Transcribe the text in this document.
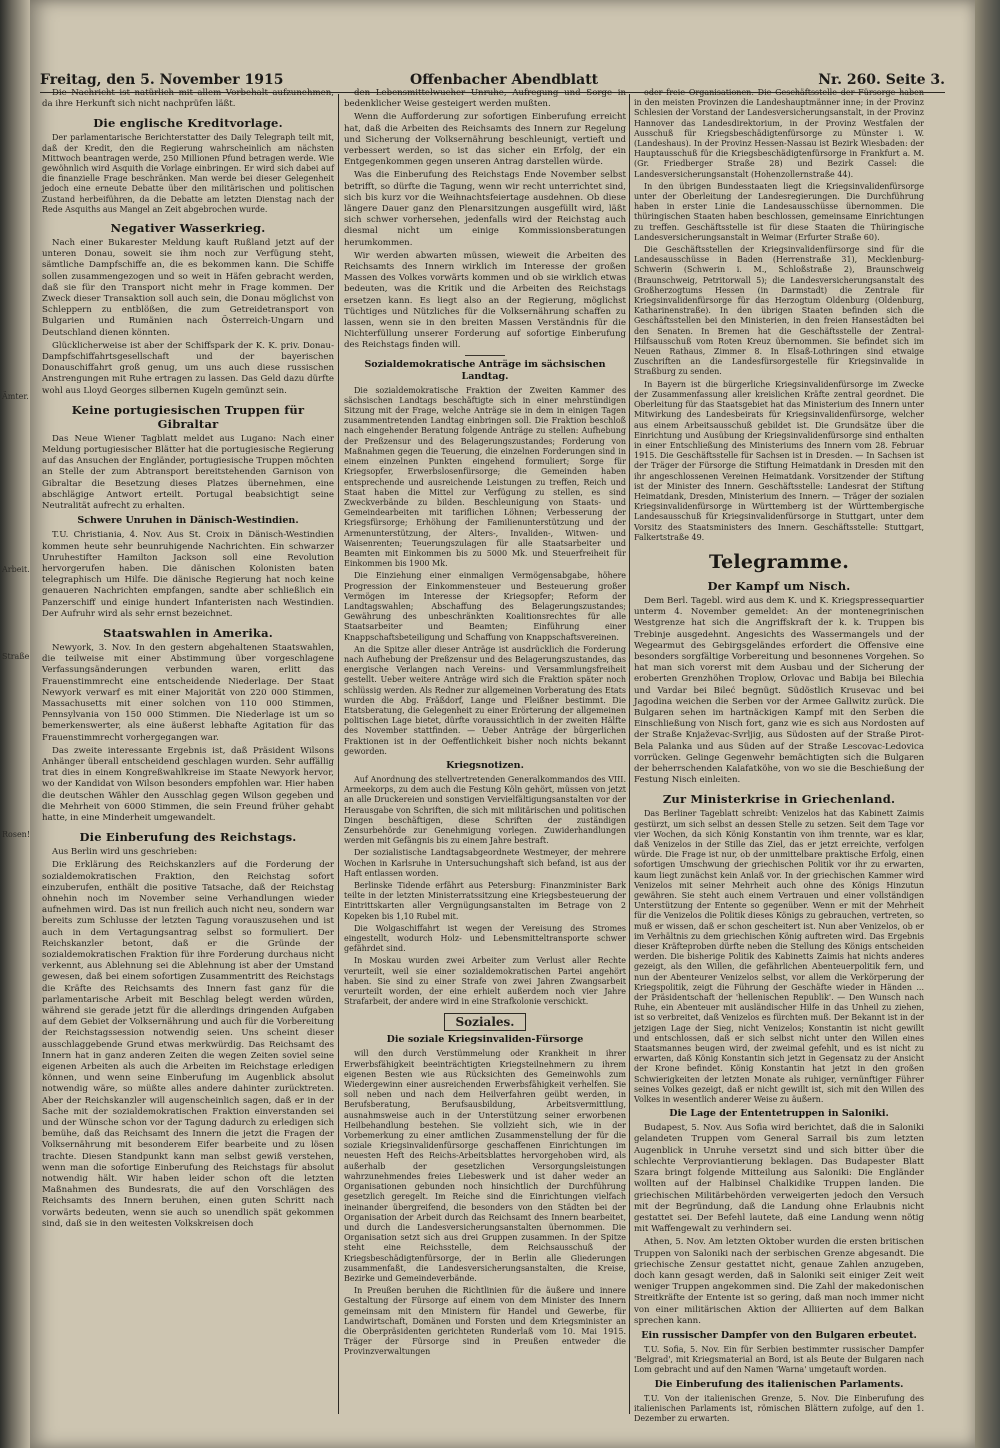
Ämter.
Arbeit.
Straße
Rosen!
Freitag, den 5. November 1915	Offenbacher Abendblatt	Nr. 260. Seite 3.

Die Nachricht ist natürlich mit allem Vorbehalt aufzunehmen, da ihre Herkunft sich nicht nachprüfen läßt.

Die englische Kreditvorlage.

Der parlamentarische Berichterstatter des Daily Telegraph teilt mit, daß der Kredit, den die Regierung wahrscheinlich am nächsten Mittwoch beantragen werde, 250 Millionen Pfund betragen werde. Wie gewöhnlich wird Asquith die Vorlage einbringen. Er wird sich dabei auf die finanzielle Frage beschränken. Man werde bei dieser Gelegenheit jedoch eine erneute Debatte über den militärischen und politischen Zustand herbeiführen, da die Debatte am letzten Dienstag nach der Rede Asquiths aus Mangel an Zeit abgebrochen wurde.

Negativer Wasserkrieg.

Nach einer Bukarester Meldung kauft Rußland jetzt auf der unteren Donau, soweit sie ihm noch zur Verfügung steht, sämtliche Dampfschiffe an, die es bekommen kann. Die Schiffe sollen zusammengezogen und so weit in Häfen gebracht werden, daß sie für den Transport nicht mehr in Frage kommen. Der Zweck dieser Transaktion soll auch sein, die Donau möglichst von Schleppern zu entblößen, die zum Getreidetransport von Bulgarien und Rumänien nach Österreich-Ungarn und Deutschland dienen könnten.

Glücklicherweise ist aber der Schiffspark der K. K. priv. Donau-Dampfschiffahrtsgesellschaft und der bayerischen Donauschiffahrt groß genug, um uns auch diese russischen Anstrengungen mit Ruhe ertragen zu lassen. Das Geld dazu dürfte wohl aus Lloyd Georges silbernen Kugeln gemünzt sein.

Keine portugiesischen Truppen für Gibraltar

Das Neue Wiener Tagblatt meldet aus Lugano: Nach einer Meldung portugiesischer Blätter hat die portugiesische Regierung auf das Ansuchen der Engländer, portugiesische Truppen möchten an Stelle der zum Abtransport bereitstehenden Garnison von Gibraltar die Besetzung dieses Platzes übernehmen, eine abschlägige Antwort erteilt. Portugal beabsichtigt seine Neutralität aufrecht zu erhalten.

Schwere Unruhen in Dänisch-Westindien.

T.U. Christiania, 4. Nov. Aus St. Croix in Dänisch-Westindien kommen heute sehr beunruhigende Nachrichten. Ein schwarzer Unruhestifter Hamilton Jackson soll eine Revolution hervorgerufen haben. Die dänischen Kolonisten baten telegraphisch um Hilfe. Die dänische Regierung hat noch keine genaueren Nachrichten empfangen, sandte aber schließlich ein Panzerschiff und einige hundert Infanteristen nach Westindien. Der Aufruhr wird als sehr ernst bezeichnet.

Staatswahlen in Amerika.

Newyork, 3. Nov. In den gestern abgehaltenen Staatswahlen, die teilweise mit einer Abstimmung über vorgeschlagene Verfassungsänderungen verbunden waren, erlitt das Frauenstimmrecht eine entscheidende Niederlage. Der Staat Newyork verwarf es mit einer Majorität von 220 000 Stimmen, Massachusetts mit einer solchen von 110 000 Stimmen, Pennsylvania von 150 000 Stimmen. Die Niederlage ist um so bemerkenswerter, als eine äußerst lebhafte Agitation für das Frauenstimmrecht vorhergegangen war.

Das zweite interessante Ergebnis ist, daß Präsident Wilsons Anhänger überall entscheidend geschlagen wurden. Sehr auffällig trat dies in einem Kongreßwahlkreise im Staate Newyork hervor, wo der Kandidat von Wilson besonders empfohlen war. Hier haben die deutschen Wähler den Ausschlag gegen Wilson gegeben und die Mehrheit von 6000 Stimmen, die sein Freund früher gehabt hatte, in eine Minderheit umgewandelt.

Die Einberufung des Reichstags.

Aus Berlin wird uns geschrieben:

Die Erklärung des Reichskanzlers auf die Forderung der sozialdemokratischen Fraktion, den Reichstag sofort einzuberufen, enthält die positive Tatsache, daß der Reichstag ohnehin noch im November seine Verhandlungen wieder aufnehmen wird. Das ist nun freilich auch nicht neu, sondern war bereits zum Schlusse der letzten Tagung vorauszusehen und ist auch in dem Vertagungsantrag selbst so formuliert. Der Reichskanzler betont, daß er die Gründe der sozialdemokratischen Fraktion für ihre Forderung durchaus nicht verkennt, aus Ablehnung sei die Ablehnung ist aber der Umstand gewesen, daß bei einem sofortigen Zusammentritt des Reichstags die Kräfte des Reichsamts des Innern fast ganz für die parlamentarische Arbeit mit Beschlag belegt werden würden, während sie gerade jetzt für die allerdings dringenden Aufgaben auf dem Gebiet der Volksernährung und auch für die Vorbereitung der Reichstagssession notwendig seien. Uns scheint dieser ausschlaggebende Grund etwas merkwürdig. Das Reichsamt des Innern hat in ganz anderen Zeiten die wegen Zeiten soviel seine eigenen Arbeiten als auch die Arbeiten im Reichstage erledigen können, und wenn seine Einberufung im Augenblick absolut notwendig wäre, so müßte alles andere dahinter zurücktreten. Aber der Reichskanzler will augenscheinlich sagen, daß er in der Sache mit der sozialdemokratischen Fraktion einverstanden sei und der Wünsche schon vor der Tagung dadurch zu erledigen sich bemühe, daß das Reichsamt des Innern die jetzt die Fragen der Volksernährung mit besonderem Eifer bearbeite und zu lösen trachte. Diesen Standpunkt kann man selbst gewiß verstehen, wenn man die sofortige Einberufung des Reichstags für absolut notwendig hält. Wir haben leider schon oft die letzten Maßnahmen des Bundesrats, die auf den Vorschlägen des Reichsamts des Innern beruhen, einen guten Schritt nach vorwärts bedeuten, wenn sie auch so unendlich spät gekommen sind, daß sie in den weitesten Volkskreisen doch

den Lebensmittelwucher Unruhe, Aufregung und Sorge in bedenklicher Weise gesteigert werden mußten.

Wenn die Aufforderung zur sofortigen Einberufung erreicht hat, daß die Arbeiten des Reichsamts des Innern zur Regelung und Sicherung der Volksernährung beschleunigt, vertieft und verbessert werden, so ist das sicher ein Erfolg, der ein Entgegenkommen gegen unseren Antrag darstellen würde.

Was die Einberufung des Reichstags Ende November selbst betrifft, so dürfte die Tagung, wenn wir recht unterrichtet sind, sich bis kurz vor die Weihnachtsfeiertage ausdehnen. Ob diese längere Dauer ganz den Plenarsitzungen ausgefüllt wird, läßt sich schwer vorhersehen, jedenfalls wird der Reichstag auch diesmal nicht um einige Kommissionsberatungen herumkommen.

Wir werden abwarten müssen, wieweit die Arbeiten des Reichsamts des Innern wirklich im Interesse der großen Massen des Volkes vorwärts kommen und ob sie wirklich etwas bedeuten, was die Kritik und die Arbeiten des Reichstags ersetzen kann. Es liegt also an der Regierung, möglichst Tüchtiges und Nützliches für die Volksernährung schaffen zu lassen, wenn sie in den breiten Massen Verständnis für die Nichterfüllung unserer Forderung auf sofortige Einberufung des Reichstags finden will.

Sozialdemokratische Anträge im sächsischen Landtag.

Die sozialdemokratische Fraktion der Zweiten Kammer des sächsischen Landtags beschäftigte sich in einer mehrstündigen Sitzung mit der Frage, welche Anträge sie in dem in einigen Tagen zusammentretenden Landtag einbringen soll. Die Fraktion beschloß nach eingehender Beratung folgende Anträge zu stellen: Aufhebung der Preßzensur und des Belagerungszustandes; Forderung von Maßnahmen gegen die Teuerung, die einzelnen Forderungen sind in einem einzelnen Punkten eingehend formuliert; Sorge für Kriegsopfer, Erwerbslosenfürsorge; die Gemeinden haben entsprechende und ausreichende Leistungen zu treffen, Reich und Staat haben die Mittel zur Verfügung zu stellen, es sind Zweckverbände zu bilden. Beschleunigung von Staats- und Gemeindearbeiten mit tariflichen Löhnen; Verbesserung der Kriegsfürsorge; Erhöhung der Familienunterstützung und der Armenunterstützung, der Alters-, Invaliden-, Witwen- und Waisenrenten; Teuerungszulagen für alle Staatsarbeiter und Beamten mit Einkommen bis zu 5000 Mk. und Steuerfreiheit für Einkommen bis 1900 Mk.

Die Einziehung einer einmaligen Vermögensabgabe, höhere Progression der Einkommensteuer und Besteuerung großer Vermögen im Interesse der Kriegsopfer; Reform der Landtagswahlen; Abschaffung des Belagerungszustandes; Gewährung des unbeschränkten Koalitionsrechtes für alle Staatsarbeiter und Beamten; Einführung einer Knappschaftsbeteiligung und Schaffung von Knappschaftsvereinen.

An die Spitze aller dieser Anträge ist ausdrücklich die Forderung nach Aufhebung der Preßzensur und des Belagerungszustandes, das energische Verlangen nach Vereins- und Versammlungsfreiheit gestellt. Ueber weitere Anträge wird sich die Fraktion später noch schlüssig werden. Als Redner zur allgemeinen Vorberatung des Etats wurden die Abg. Fräßdorf, Lange und Fleißner bestimmt. Die Etatsberatung, die Gelegenheit zu einer Erörterung der allgemeinen politischen Lage bietet, dürfte voraussichtlich in der zweiten Hälfte des November stattfinden. — Ueber Anträge der bürgerlichen Fraktionen ist in der Oeffentlichkeit bisher noch nichts bekannt geworden.

Kriegsnotizen.

Auf Anordnung des stellvertretenden Generalkommandos des VIII. Armeekorps, zu dem auch die Festung Köln gehört, müssen von jetzt an alle Druckereien und sonstigen Vervielfältigungsanstalten vor der Herausgabe von Schriften, die sich mit militärischen und politischen Dingen beschäftigen, diese Schriften der zuständigen Zensurbehörde zur Genehmigung vorlegen. Zuwiderhandlungen werden mit Gefängnis bis zu einem Jahre bestraft.

Der sozialistische Landtagsabgeordnete Westmeyer, der mehrere Wochen in Karlsruhe in Untersuchungshaft sich befand, ist aus der Haft entlassen worden.

Berlinske Tidende erfährt aus Petersburg: Finanzminister Bark teilte in der letzten Ministerratssitzung eine Kriegsbesteuerung der Eintrittskarten aller Vergnügungsanstalten im Betrage von 2 Kopeken bis 1,10 Rubel mit.

Die Wolgaschiffahrt ist wegen der Vereisung des Stromes eingestellt, wodurch Holz- und Lebensmitteltransporte schwer gefährdet sind.

In Moskau wurden zwei Arbeiter zum Verlust aller Rechte verurteilt, weil sie einer sozialdemokratischen Partei angehört haben. Sie sind zu einer Strafe von zwei Jahren Zwangsarbeit verurteilt worden, der eine erhielt außerdem noch vier Jahre Strafarbeit, der andere wird in eine Strafkolonie verschickt.

Soziales.
Die soziale Kriegsinvaliden-Fürsorge

will den durch Verstümmelung oder Krankheit in ihrer Erwerbsfähigkeit beeinträchtigten Kriegsteilnehmern zu ihrem eigenen Besten wie aus Rücksichten des Gemeinwohls zum Wiedergewinn einer ausreichenden Erwerbsfähigkeit verhelfen. Sie soll neben und nach dem Heilverfahren geübt werden, in Berufsberatung, Berufsausbildung, Arbeitsvermittlung, ausnahmsweise auch in der Unterstützung seiner erworbenen Heilbehandlung bestehen. Sie vollzieht sich, wie in der Vorbemerkung zu einer amtlichen Zusammenstellung der für die soziale Kriegsinvalidenfürsorge geschaffenen Einrichtungen im neuesten Heft des Reichs-Arbeitsblattes hervorgehoben wird, als außerhalb der gesetzlichen Versorgungsleistungen wahrzunehmendes freies Liebeswerk und ist daher weder an Organisationen gebunden noch hinsichtlich der Durchführung gesetzlich geregelt. Im Reiche sind die Einrichtungen vielfach ineinander übergreifend, die besonders von den Städten bei der Organisation der Arbeit durch das Reichsamt des Innern bearbeitet, und durch die Landesversicherungsanstalten übernommen. Die Organisation setzt sich aus drei Gruppen zusammen. In der Spitze steht eine Reichsstelle, dem Reichsausschuß der Kriegsbeschädigtenfürsorge, der in Berlin alle Gliederungen zusammenfaßt, die Landesversicherungsanstalten, die Kreise, Bezirke und Gemeindeverbände.

In Preußen beruhen die Richtlinien für die äußere und innere Gestaltung der Fürsorge auf einem von dem Minister des Innern gemeinsam mit den Ministern für Handel und Gewerbe, für Landwirtschaft, Domänen und Forsten und dem Kriegsminister an die Oberpräsidenten gerichteten Runderlaß vom 10. Mai 1915. Träger der Fürsorge sind in Preußen entweder die Provinzverwaltungen

oder freie Organisationen. Die Geschäftsstelle der Fürsorge haben in den meisten Provinzen die Landeshauptmänner inne; in der Provinz Schlesien der Vorstand der Landesversicherungsanstalt, in der Provinz Hannover das Landesdirektorium, in der Provinz Westfalen der Ausschuß für Kriegsbeschädigtenfürsorge zu Münster i. W. (Landeshaus). In der Provinz Hessen-Nassau ist Bezirk Wiesbaden: der Hauptausschuß für die Kriegsbeschädigtenfürsorge in Frankfurt a. M. (Gr. Friedberger Straße 28) und Bezirk Cassel: die Landesversicherungsanstalt (Hohenzollernstraße 44).

In den übrigen Bundesstaaten liegt die Kriegsinvalidenfürsorge unter der Oberleitung der Landesregierungen. Die Durchführung haben in erster Linie die Landesausschüsse übernommen. Die thüringischen Staaten haben beschlossen, gemeinsame Einrichtungen zu treffen. Geschäftsstelle ist für diese Staaten die Thüringische Landesversicherungsanstalt in Weimar (Erfurter Straße 60).

Die Geschäftsstellen der Kriegsinvalidenfürsorge sind für die Landesausschüsse in Baden (Herrenstraße 31), Mecklenburg-Schwerin (Schwerin i. M., Schloßstraße 2), Braunschweig (Braunschweig, Petritorwall 5); die Landesversicherungsanstalt des Großherzogtums Hessen (in Darmstadt) die Zentrale für Kriegsinvalidenfürsorge für das Herzogtum Oldenburg (Oldenburg, Katharinenstraße). In den übrigen Staaten befinden sich die Geschäftsstellen bei den Ministerien, in den freien Hansestädten bei den Senaten. In Bremen hat die Geschäftsstelle der Zentral-Hilfsausschuß vom Roten Kreuz übernommen. Sie befindet sich im Neuen Rathaus, Zimmer 8. In Elsaß-Lothringen sind etwaige Zuschriften an die Landesfürsorgestelle für Kriegsinvalide in Straßburg zu senden.

In Bayern ist die bürgerliche Kriegsinvalidenfürsorge im Zwecke der Zusammenfassung aller kreislichen Kräfte zentral geordnet. Die Oberleitung für das Staatsgebiet hat das Ministerium des Innern unter Mitwirkung des Landesbeirats für Kriegsinvalidenfürsorge, welcher aus einem Arbeitsausschuß gebildet ist. Die Grundsätze über die Einrichtung und Ausübung der Kriegsinvalidenfürsorge sind enthalten in einer Entschließung des Ministeriums des Innern vom 28. Februar 1915. Die Geschäftsstelle für Sachsen ist in Dresden. — In Sachsen ist der Träger der Fürsorge die Stiftung Heimatdank in Dresden mit den ihr angeschlossenen Vereinen Heimatdank. Vorsitzender der Stiftung ist der Minister des Innern. Geschäftsstelle: Landesrat der Stiftung Heimatdank, Dresden, Ministerium des Innern. — Träger der sozialen Kriegsinvalidenfürsorge in Württemberg ist der Württembergische Landesausschuß für Kriegsinvalidenfürsorge in Stuttgart, unter dem Vorsitz des Staatsministers des Innern. Geschäftsstelle: Stuttgart, Falkertstraße 49.

Telegramme.
Der Kampf um Nisch.

Dem Berl. Tagebl. wird aus dem K. und K. Kriegspressequartier unterm 4. November gemeldet: An der montenegrinischen Westgrenze hat sich die Angriffskraft der k. k. Truppen bis Trebinje ausgedehnt. Angesichts des Wassermangels und der Wegearmut des Gebirgsgeländes erfordert die Offensive eine besonders sorgfältige Vorbereitung und besonnenes Vorgehen. So hat man sich vorerst mit dem Ausbau und der Sicherung der eroberten Grenzhöhen Troplow, Orlovac und Babija bei Bilechia und Vardar bei Bileć begnügt. Südöstlich Krusevac und bei Jagodina weichen die Serben vor der Armee Gallwitz zurück. Die Bulgaren sehen im hartnäckigen Kampf mit den Serben die Einschließung von Nisch fort, ganz wie es sich aus Nordosten auf der Straße Knjaževac-Svrljig, aus Südosten auf der Straße Pirot-Bela Palanka und aus Süden auf der Straße Lescovac-Ledovica vorrücken. Gelinge Gegenwehr bemächtigten sich die Bulgaren der beherrschenden Kalafatköhe, von wo sie die Beschießung der Festung Nisch einleiten.

Zur Ministerkrise in Griechenland.

Das Berliner Tageblatt schreibt: Venizelos hat das Kabinett Zaimis gestürzt, um sich selbst an dessen Stelle zu setzen. Seit dem Tage vor vier Wochen, da sich König Konstantin von ihm trennte, war es klar, daß Venizelos in der Stille das Ziel, das er jetzt erreichte, verfolgen würde. Die Frage ist nur, ob der unmittelbare praktische Erfolg, einen sofortigen Umschwung der griechischen Politik vor ihr zu erwarten, kaum liegt zunächst kein Anlaß vor. In der griechischen Kammer wird Venizelos mit seiner Mehrheit auch ohne des Königs Hinzutun gewähren. Sie steht auch einem Vertrauen und einer vollständigen Unterstützung der Entente so gegenüber. Wenn er mit der Mehrheit für die Venizelos die Politik dieses Königs zu gebrauchen, vertreten, so muß er wissen, daß er schon gescheitert ist. Nun aber Venizelos, ob er im Verhältnis zu dem griechischen König auftreten wird. Das Ergebnis dieser Kräfteproben dürfte neben die Stellung des Königs entscheiden werden. Die bisherige Politik des Kabinetts Zaimis hat nichts anderes gezeigt, als den Willen, die gefährlichen Abenteuerpolitik fern, und nun der Abenteurer Venizelos selbst, vor allem die Verkörperung der Kriegspolitik, zeigt die Führung der Geschäfte wieder in Händen ... der Präsidentschaft der 'hellenischen Republik'. — Den Wunsch nach Ruhe, ein Abenteuer mit ausländischer Hilfe in das Unheil zu ziehen, ist so verbreitet, daß Venizelos es fürchten muß. Der Bekannt ist in der jetzigen Lage der Sieg, nicht Venizelos; Konstantin ist nicht gewillt und entschlossen, daß er sich selbst nicht unter den Willen eines Staatsmannes beugen wird, der zweimal gefehlt, und es ist nicht zu erwarten, daß König Konstantin sich jetzt in Gegensatz zu der Ansicht der Krone befindet. König Konstantin hat jetzt in den großen Schwierigkeiten der letzten Monate als ruhiger, vernünftiger Führer seines Volkes gezeigt, daß er nicht gewillt ist, sich mit den Willen des Volkes in wesentlich anderer Weise zu äußern.

Die Lage der Ententetruppen in Saloniki.

Budapest, 5. Nov. Aus Sofia wird berichtet, daß die in Saloniki gelandeten Truppen vom General Sarrail bis zum letzten Augenblick in Unruhe versetzt sind und sich bitter über die schlechte Verproviantierung beklagen. Das Budapester Blatt Szara bringt folgende Mitteilung aus Saloniki: Die Engländer wollten auf der Halbinsel Chalkidike Truppen landen. Die griechischen Militärbehörden verweigerten jedoch den Versuch mit der Begründung, daß die Landung ohne Erlaubnis nicht gestattet sei. Der Befehl lautete, daß eine Landung wenn nötig mit Waffengewalt zu verhindern sei.

Athen, 5. Nov. Am letzten Oktober wurden die ersten britischen Truppen von Saloniki nach der serbischen Grenze abgesandt. Die griechische Zensur gestattet nicht, genaue Zahlen anzugeben, doch kann gesagt werden, daß in Saloniki seit einiger Zeit weit weniger Truppen angekommen sind. Die Zahl der makedonischen Streitkräfte der Entente ist so gering, daß man noch immer nicht von einer militärischen Aktion der Alliierten auf dem Balkan sprechen kann.

Ein russischer Dampfer von den Bulgaren erbeutet.

T.U. Sofia, 5. Nov. Ein für Serbien bestimmter russischer Dampfer 'Belgrad', mit Kriegsmaterial an Bord, ist als Beute der Bulgaren nach Lom gebracht und auf den Namen 'Warna' umgetauft worden.

Die Einberufung des italienischen Parlaments.

T.U. Von der italienischen Grenze, 5. Nov. Die Einberufung des italienischen Parlaments ist, römischen Blättern zufolge, auf den 1. Dezember zu erwarten.
